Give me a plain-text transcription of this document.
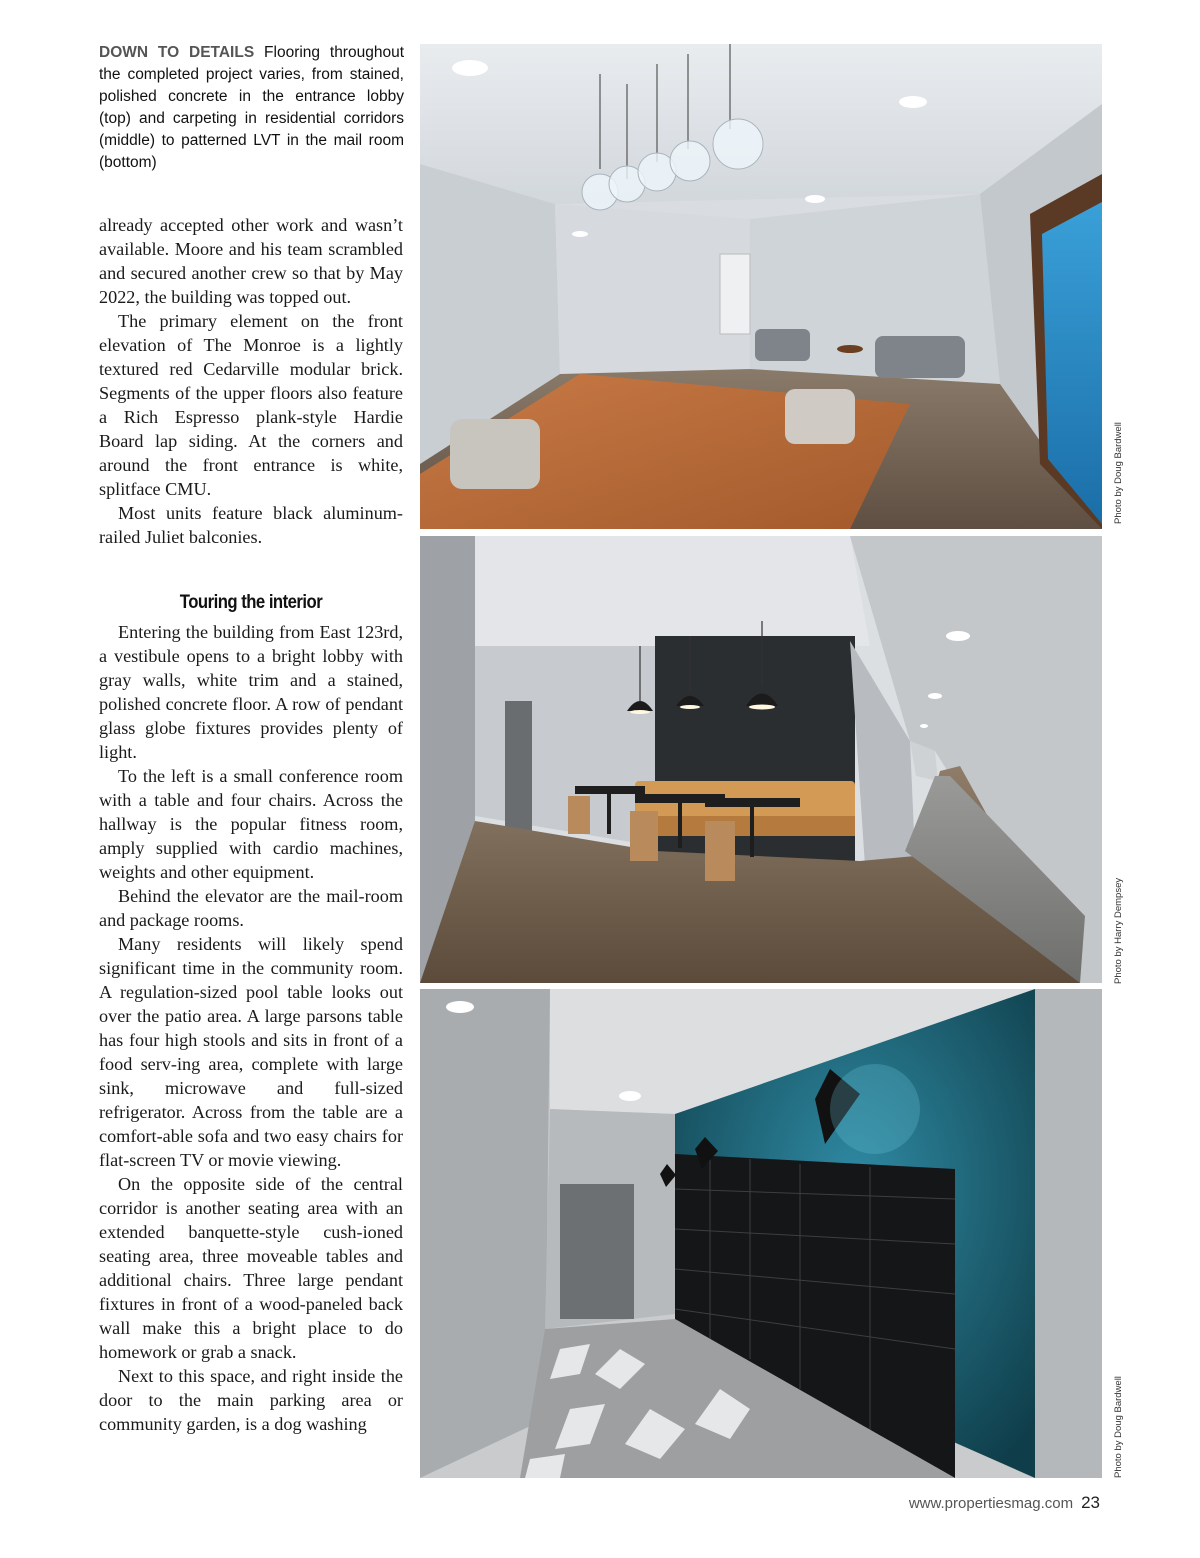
DOWN TO DETAILS Flooring throughout the completed project varies, from stained, polished concrete in the entrance lobby (top) and carpeting in residential corridors (middle) to patterned LVT in the mail room (bottom)

already accepted other work and wasn’t available. Moore and his team scrambled and secured another crew so that by May 2022, the building was topped out.

The primary element on the front elevation of The Monroe is a lightly textured red Cedarville modular brick. Segments of the upper floors also feature a Rich Espresso plank-style Hardie Board lap siding. At the corners and around the front entrance is white, splitface CMU.

Most units feature black aluminum-railed Juliet balconies.

Touring the interior

Entering the building from East 123rd, a vestibule opens to a bright lobby with gray walls, white trim and a stained, polished concrete floor. A row of pendant glass globe fixtures provides plenty of light.

To the left is a small conference room with a table and four chairs. Across the hallway is the popular fitness room, amply supplied with cardio machines, weights and other equipment.

Behind the elevator are the mail-room and package rooms.

Many residents will likely spend significant time in the community room. A regulation-sized pool table looks out over the patio area. A large parsons table has four high stools and sits in front of a food serv-ing area, complete with large sink, microwave and full-sized refrigerator. Across from the table are a comfort-able sofa and two easy chairs for flat-screen TV or movie viewing.

On the opposite side of the central corridor is another seating area with an extended banquette-style cush-ioned seating area, three moveable tables and additional chairs. Three large pendant fixtures in front of a wood-paneled back wall make this a bright place to do homework or grab a snack.

Next to this space, and right inside the door to the main parking area or community garden, is a dog washing

Photo by Doug Bardwell
Photo by Harry Dempsey
Photo by Doug Bardwell
www.propertiesmag.com 23
